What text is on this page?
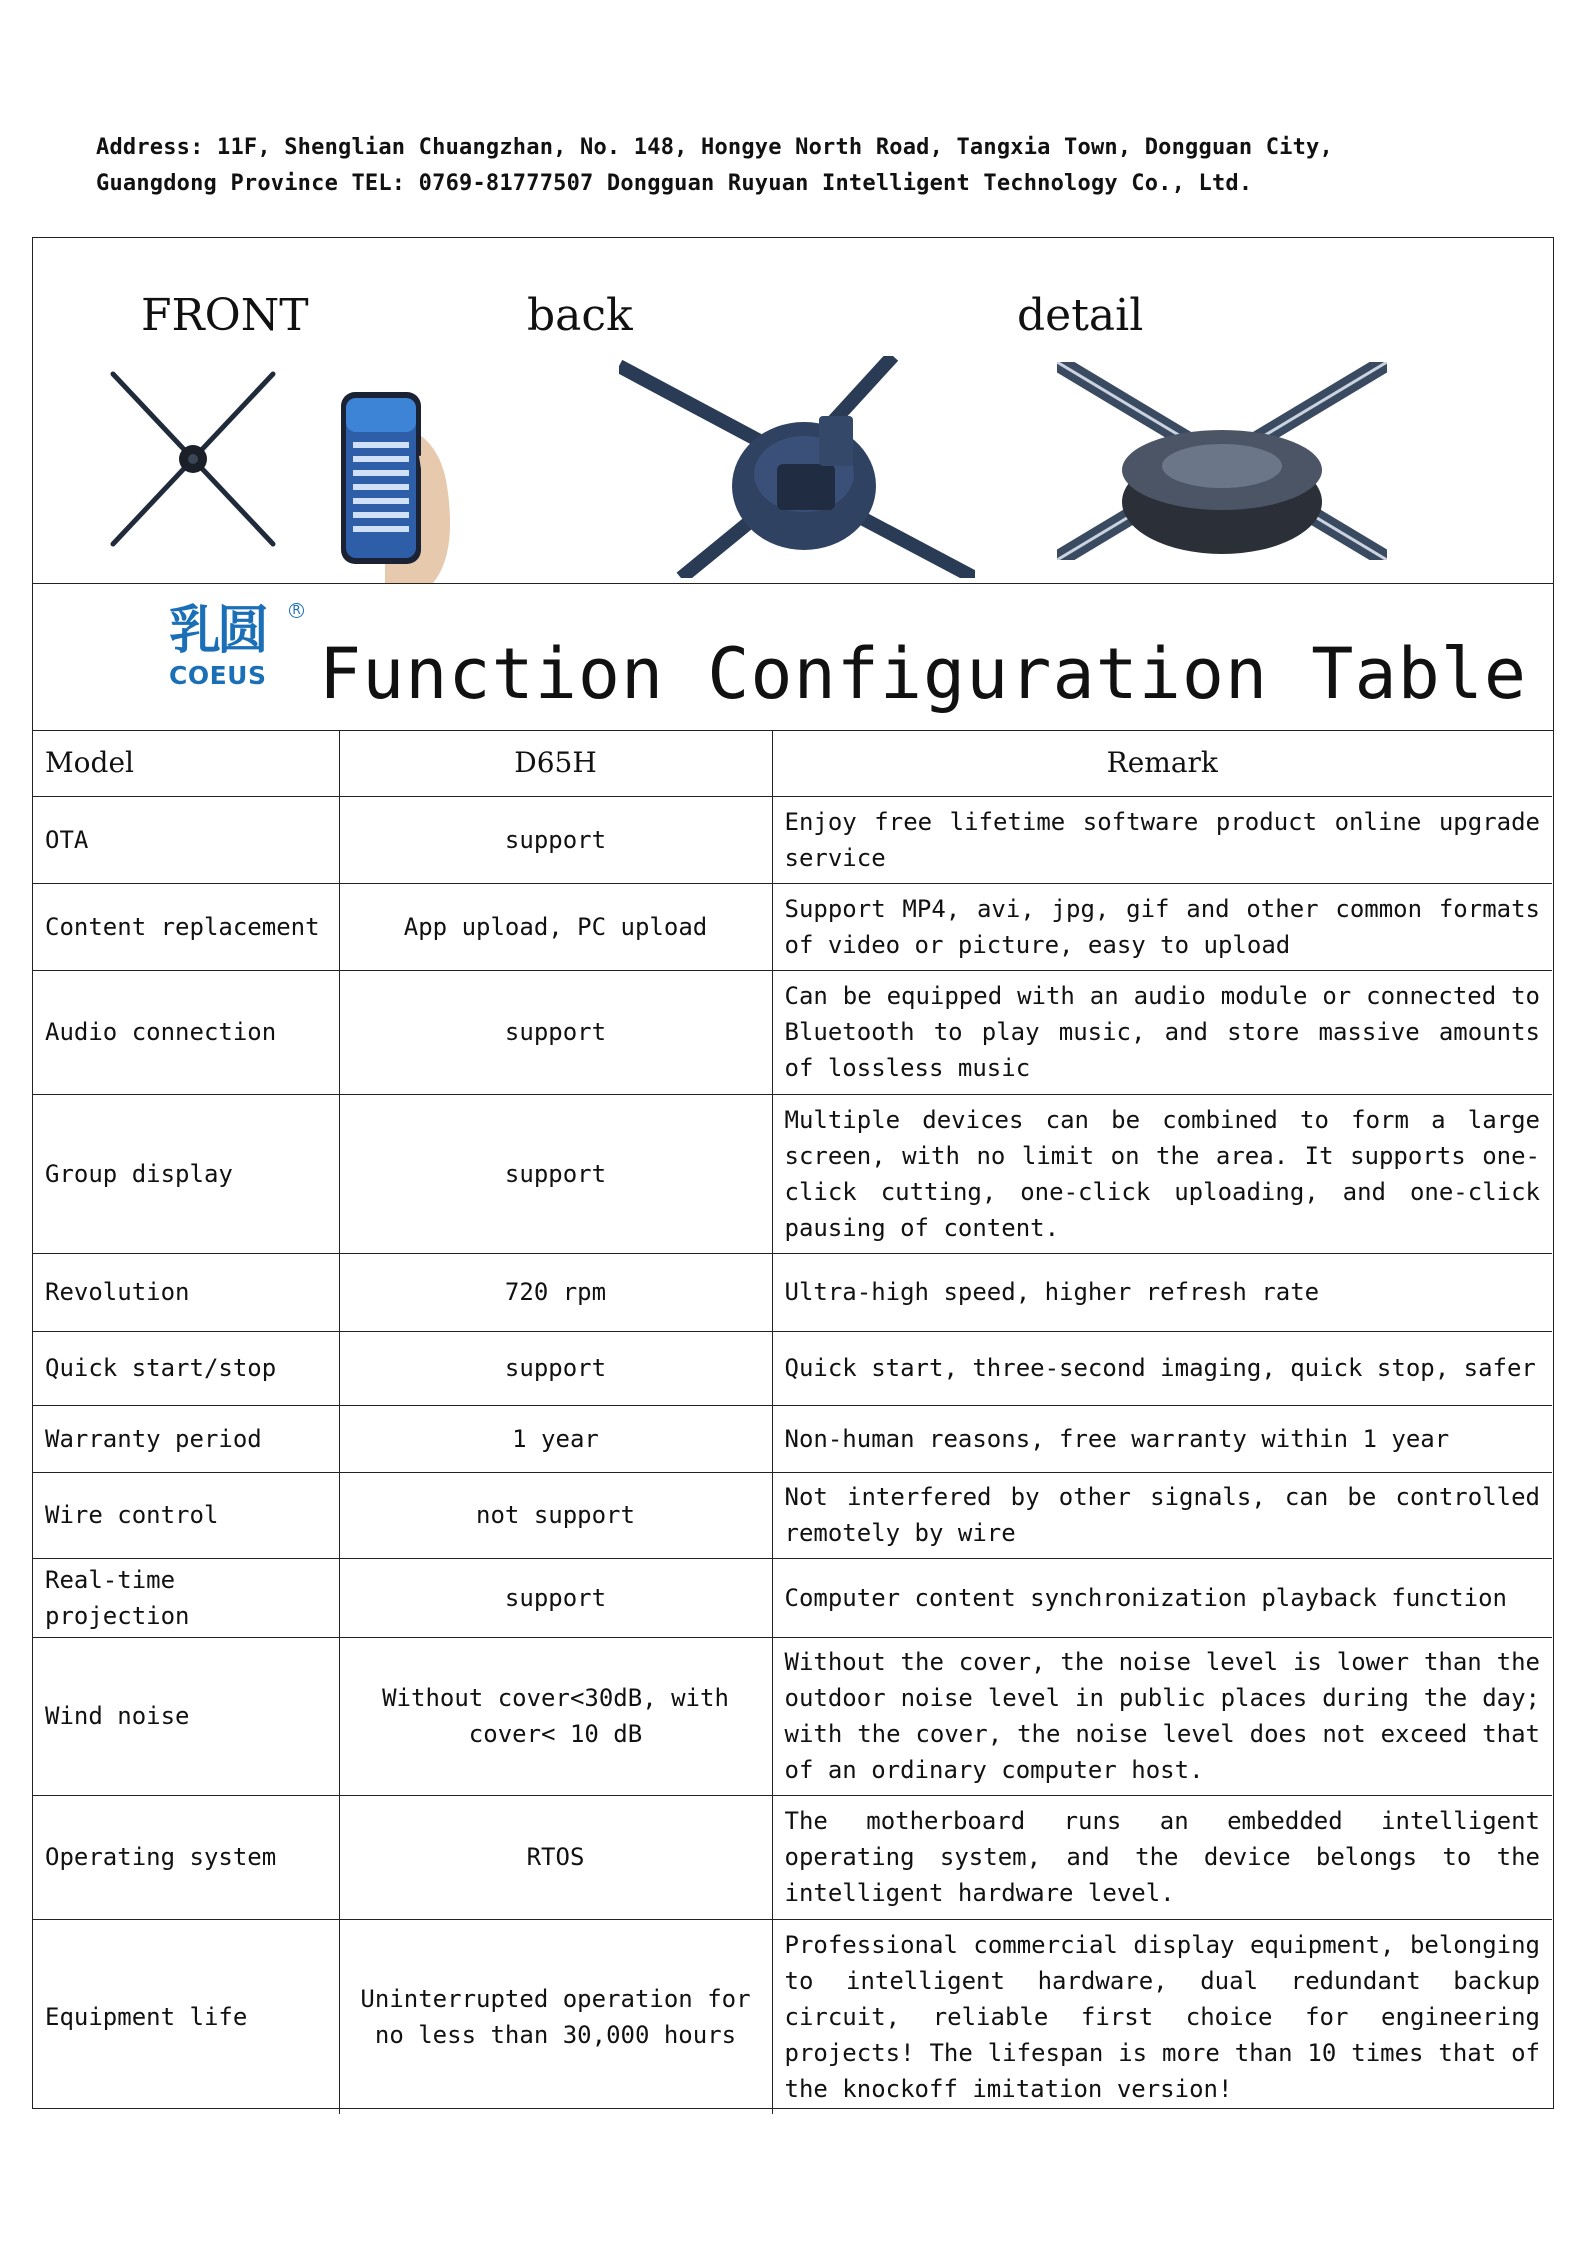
Address: 11F, Shenglian Chuangzhan, No. 148, Hongye North Road, Tangxia Town, Dongguan City,
Guangdong Province TEL: 0769-81777507 Dongguan Ruyuan Intelligent Technology Co., Ltd.
FRONT	back	detail
乳圆 R
COEUS Function Configuration Table
Model	D65H	Remark
OTA	support	Enjoy free lifetime software product online upgrade service
Content replacement	App upload, PC upload	Support MP4, avi, jpg, gif and other common formats of video or picture, easy to upload
Audio connection	support	Can be equipped with an audio module or connected to Bluetooth to play music, and store massive amounts of lossless music
Group display	support	Multiple devices can be combined to form a large screen, with no limit on the area. It supports one-click cutting, one-click uploading, and one-click pausing of content.
Revolution	720 rpm	Ultra-high speed, higher refresh rate
Quick start/stop	support	Quick start, three-second imaging, quick stop, safer
Warranty period	1 year	Non-human reasons, free warranty within 1 year
Wire control	not support	Not interfered by other signals, can be controlled remotely by wire
Real-time projection	support	Computer content synchronization playback function
Wind noise	Without cover<30dB, with cover< 10 dB	Without the cover, the noise level is lower than the outdoor noise level in public places during the day; with the cover, the noise level does not exceed that of an ordinary computer host.
Operating system	RTOS	The motherboard runs an embedded intelligent operating system, and the device belongs to the intelligent hardware level.
Equipment life	Uninterrupted operation for no less than 30,000 hours	Professional commercial display equipment, belonging to intelligent hardware, dual redundant backup circuit, reliable first choice for engineering projects! The lifespan is more than 10 times that of the knockoff imitation version!
